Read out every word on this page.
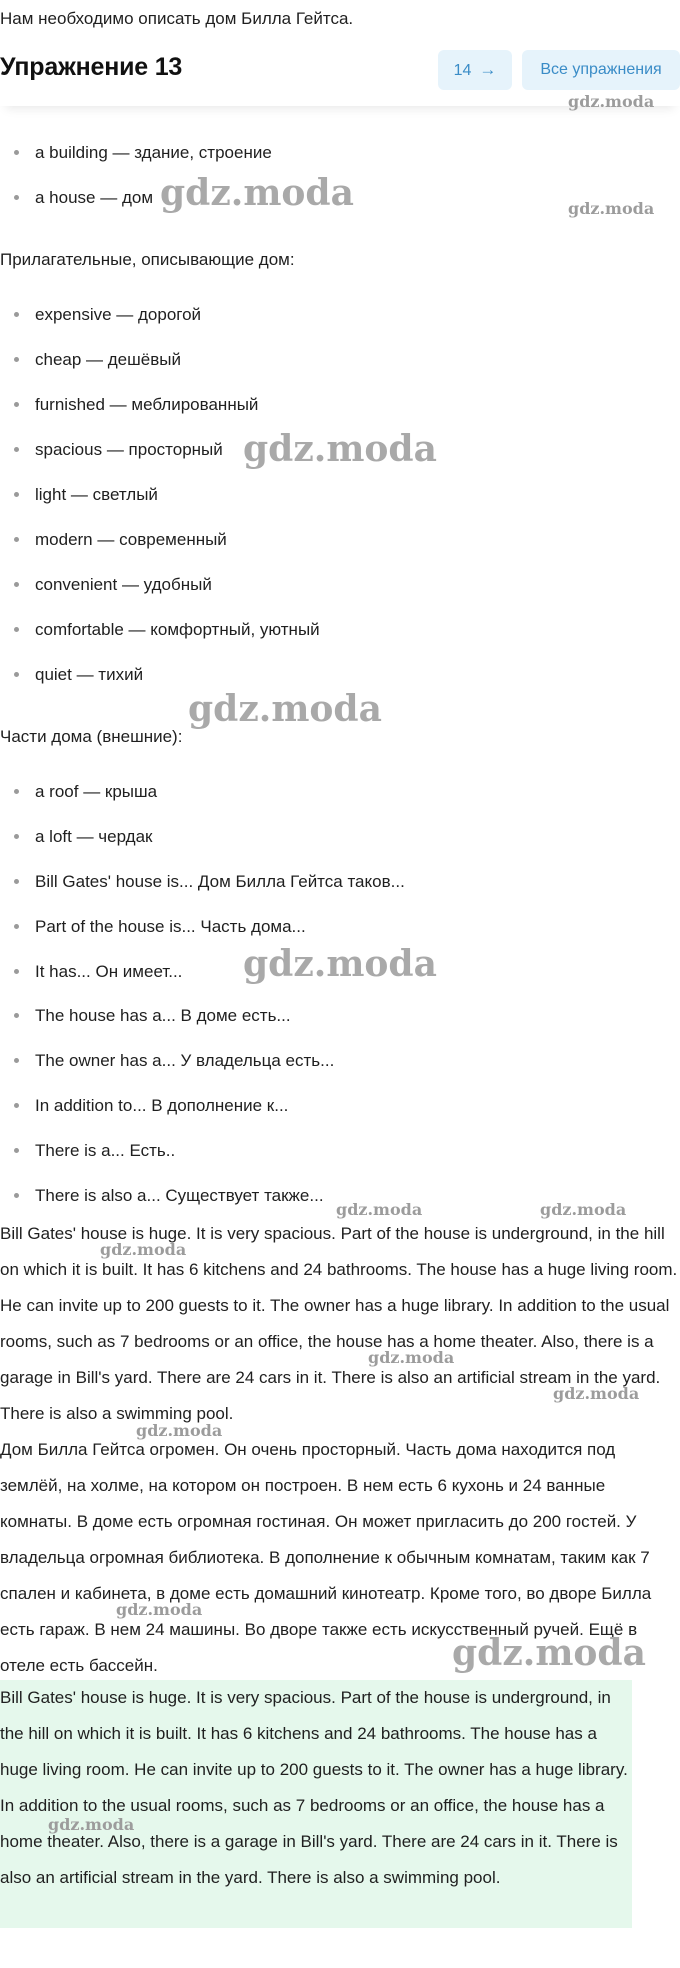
Нам необходимо описать дом Билла Гейтса.
Упражнение 13	14 →	Все упражнения
a building — здание, строение
a house — дом
Прилагательные, описывающие дом:
expensive — дорогой
cheap — дешёвый
furnished — меблированный
spacious — просторный
light — светлый
modern — современный
convenient — удобный
comfortable — комфортный, уютный
quiet — тихий
Части дома (внешние):
a roof — крыша
a loft — чердак
Bill Gates' house is... Дом Билла Гейтса таков...
Part of the house is... Часть дома...
It has... Он имеет...
The house has a... В доме есть...
The owner has a... У владельца есть...
In addition to... В дополнение к...
There is a... Есть..
There is also a... Существует также...

Bill Gates' house is huge. It is very spacious. Part of the house is underground, in the hill on which it is built. It has 6 kitchens and 24 bathrooms. The house has a huge living room. He can invite up to 200 guests to it. The owner has a huge library. In addition to the usual rooms, such as 7 bedrooms or an office, the house has a home theater. Also, there is a garage in Bill's yard. There are 24 cars in it. There is also an artificial stream in the yard. There is also a swimming pool.

Дом Билла Гейтса огромен. Он очень просторный. Часть дома находится под землёй, на холме, на котором он построен. В нем есть 6 кухонь и 24 ванные комнаты. В доме есть огромная гостиная. Он может пригласить до 200 гостей. У владельца огромная библиотека. В дополнение к обычным комнатам, таким как 7 спален и кабинета, в доме есть домашний кинотеатр. Кроме того, во дворе Билла есть гараж. В нем 24 машины. Во дворе также есть искусственный ручей. Ещё в отеле есть бассейн.

Bill Gates' house is huge. It is very spacious. Part of the house is underground, in the hill on which it is built. It has 6 kitchens and 24 bathrooms. The house has a huge living room. He can invite up to 200 guests to it. The owner has a huge library. In addition to the usual rooms, such as 7 bedrooms or an office, the house has a home theater. Also, there is a garage in Bill's yard. There are 24 cars in it. There is also an artificial stream in the yard. There is also a swimming pool.

gdz.moda
gdz.moda
gdz.moda
gdz.moda
gdz.moda
gdz.moda
gdz.moda
gdz.moda	gdz.moda
gdz.moda
gdz.moda
gdz.moda
gdz.moda
gdz.moda
gdz.moda
